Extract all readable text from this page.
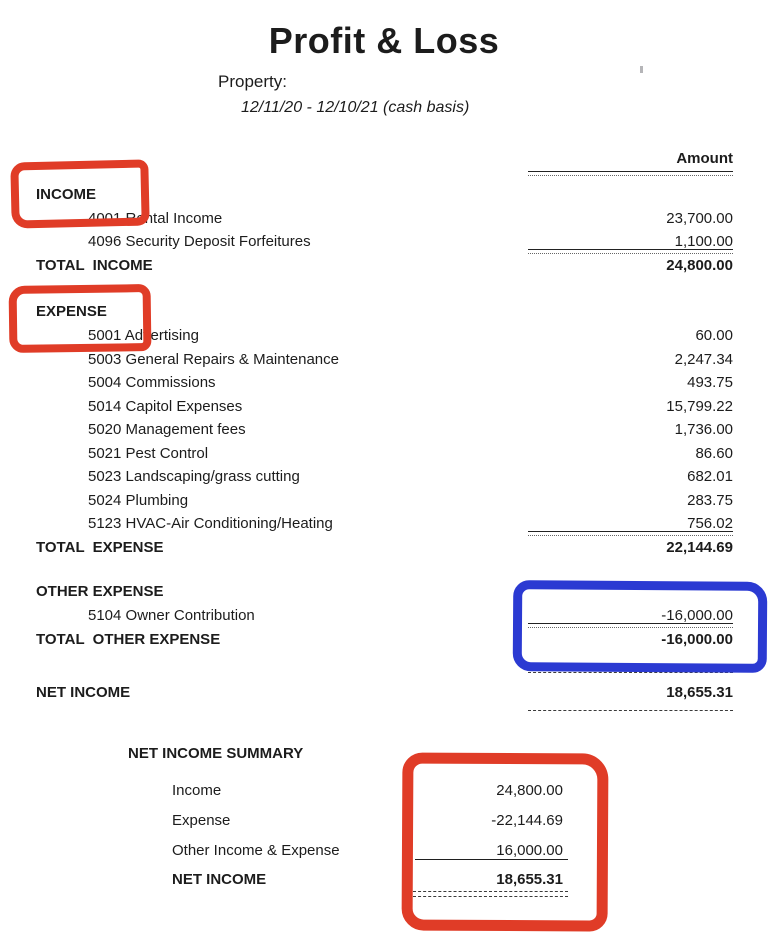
Profit & Loss
Property:
12/11/20 - 12/10/21 (cash basis)
Amount
INCOME
4001 Rental Income	23,700.00
4096 Security Deposit Forfeitures	1,100.00
TOTAL  INCOME	24,800.00
EXPENSE
5001 Advertising	60.00
5003 General Repairs & Maintenance	2,247.34
5004 Commissions	493.75
5014 Capitol Expenses	15,799.22
5020 Management fees	1,736.00
5021 Pest Control	86.60
5023 Landscaping/grass cutting	682.01
5024 Plumbing	283.75
5123 HVAC-Air Conditioning/Heating	756.02
TOTAL  EXPENSE	22,144.69
OTHER EXPENSE
5104 Owner Contribution	-16,000.00
TOTAL  OTHER EXPENSE	-16,000.00
NET INCOME	18,655.31
NET INCOME SUMMARY
Income	24,800.00
Expense	-22,144.69
Other Income & Expense	16,000.00
NET INCOME	18,655.31
